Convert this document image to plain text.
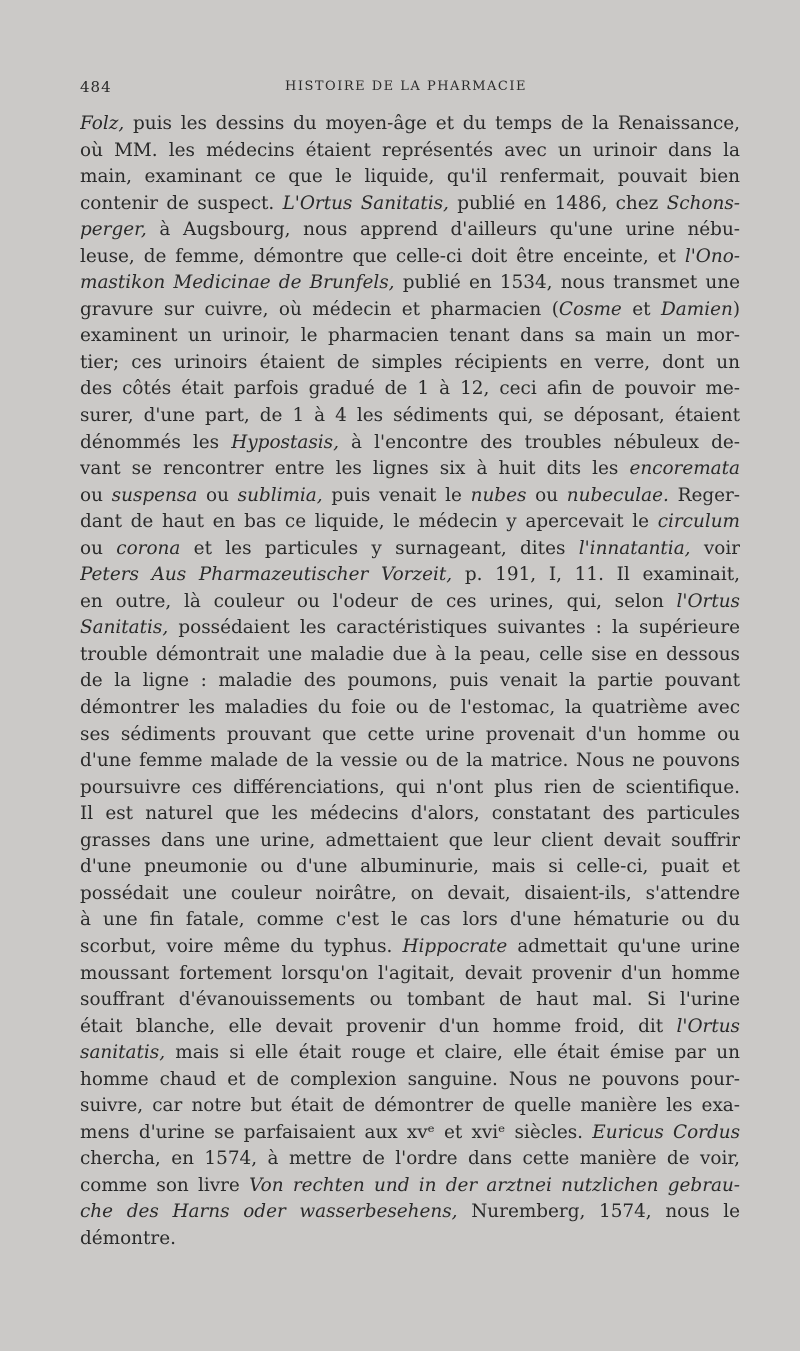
484	HISTOIRE DE LA PHARMACIE
Folz, puis les dessins du moyen-âge et du temps de la Renaissance,
où MM. les médecins étaient représentés avec un urinoir dans la
main, examinant ce que le liquide, qu'il renfermait, pouvait bien
contenir de suspect. L'Ortus Sanitatis, publié en 1486, chez Schons-
perger, à Augsbourg, nous apprend d'ailleurs qu'une urine nébu-
leuse, de femme, démontre que celle-ci doit être enceinte, et l'Ono-
mastikon Medicinae de Brunfels, publié en 1534, nous transmet une
gravure sur cuivre, où médecin et pharmacien (Cosme et Damien)
examinent un urinoir, le pharmacien tenant dans sa main un mor-
tier; ces urinoirs étaient de simples récipients en verre, dont un
des côtés était parfois gradué de 1 à 12, ceci afin de pouvoir me-
surer, d'une part, de 1 à 4 les sédiments qui, se déposant, étaient
dénommés les Hypostasis, à l'encontre des troubles nébuleux de-
vant se rencontrer entre les lignes six à huit dits les encoremata
ou suspensa ou sublimia, puis venait le nubes ou nubeculae. Reger-
dant de haut en bas ce liquide, le médecin y apercevait le circulum
ou corona et les particules y surnageant, dites l'innatantia, voir
Peters Aus Pharmazeutischer Vorzeit, p. 191, I, 11. Il examinait,
en outre, là couleur ou l'odeur de ces urines, qui, selon l'Ortus
Sanitatis, possédaient les caractéristiques suivantes : la supérieure
trouble démontrait une maladie due à la peau, celle sise en dessous
de la ligne : maladie des poumons, puis venait la partie pouvant
démontrer les maladies du foie ou de l'estomac, la quatrième avec
ses sédiments prouvant que cette urine provenait d'un homme ou
d'une femme malade de la vessie ou de la matrice. Nous ne pouvons
poursuivre ces différenciations, qui n'ont plus rien de scientifique.
Il est naturel que les médecins d'alors, constatant des particules
grasses dans une urine, admettaient que leur client devait souffrir
d'une pneumonie ou d'une albuminurie, mais si celle-ci, puait et
possédait une couleur noirâtre, on devait, disaient-ils, s'attendre
à une fin fatale, comme c'est le cas lors d'une hématurie ou du
scorbut, voire même du typhus. Hippocrate admettait qu'une urine
moussant fortement lorsqu'on l'agitait, devait provenir d'un homme
souffrant d'évanouissements ou tombant de haut mal. Si l'urine
était blanche, elle devait provenir d'un homme froid, dit l'Ortus
sanitatis, mais si elle était rouge et claire, elle était émise par un
homme chaud et de complexion sanguine. Nous ne pouvons pour-
suivre, car notre but était de démontrer de quelle manière les exa-
mens d'urine se parfaisaient aux xvᵉ et xviᵉ siècles. Euricus Cordus
chercha, en 1574, à mettre de l'ordre dans cette manière de voir,
comme son livre Von rechten und in der arztnei nutzlichen gebrau-
che des Harns oder wasserbesehens, Nuremberg, 1574, nous le
démontre.
